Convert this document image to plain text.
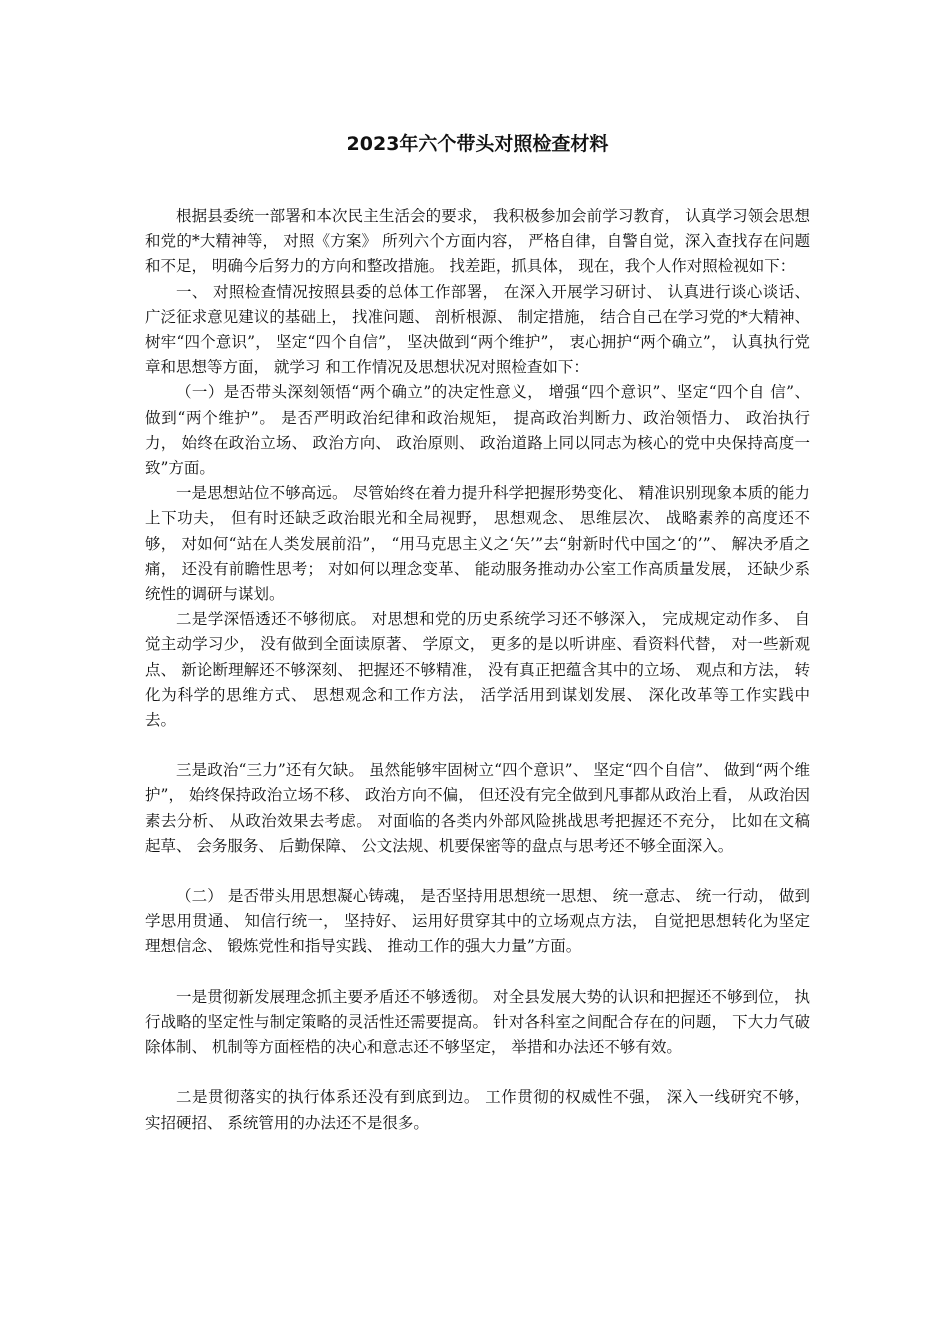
2023年六个带头对照检查材料

根据县委统一部署和本次民主生活会的要求， 我积极参加会前学习教育， 认真学习领会思想和党的*大精神等， 对照《方案》 所列六个方面内容， 严格自律，自警自觉，深入查找存在问题和不足， 明确今后努力的方向和整改措施。 找差距，抓具体， 现在，我个人作对照检视如下：

一、 对照检查情况按照县委的总体工作部署， 在深入开展学习研讨、 认真进行谈心谈话、 广泛征求意见建议的基础上， 找准问题、 剖析根源、 制定措施， 结合自己在学习党的*大精神、 树牢“四个意识”， 坚定“四个自信”， 坚决做到“两个维护”， 衷心拥护“两个确立”， 认真执行党章和思想等方面， 就学习 和工作情况及思想状况对照检查如下：

（一）是否带头深刻领悟“两个确立”的决定性意义， 增强“四个意识”、坚定“四个自 信”、 做到“两个维护”。 是否严明政治纪律和政治规矩， 提高政治判断力、政治领悟力、 政治执行力， 始终在政治立场、 政治方向、 政治原则、 政治道路上同以同志为核心的党中央保持高度一致”方面。

一是思想站位不够高远。 尽管始终在着力提升科学把握形势变化、 精准识别现象本质的能力上下功夫， 但有时还缺乏政治眼光和全局视野， 思想观念、 思维层次、 战略素养的高度还不够， 对如何“站在人类发展前沿”， “用马克思主义之‘矢’”去“射新时代中国之‘的’”、 解决矛盾之痛， 还没有前瞻性思考； 对如何以理念变革、 能动服务推动办公室工作高质量发展， 还缺少系统性的调研与谋划。

二是学深悟透还不够彻底。 对思想和党的历史系统学习还不够深入， 完成规定动作多、 自觉主动学习少， 没有做到全面读原著、 学原文， 更多的是以听讲座、看资料代替， 对一些新观点、 新论断理解还不够深刻、 把握还不够精准， 没有真正把蕴含其中的立场、 观点和方法， 转化为科学的思维方式、 思想观念和工作方法， 活学活用到谋划发展、 深化改革等工作实践中去。

三是政治“三力”还有欠缺。 虽然能够牢固树立“四个意识”、 坚定“四个自信”、 做到“两个维护”， 始终保持政治立场不移、 政治方向不偏， 但还没有完全做到凡事都从政治上看， 从政治因素去分析、 从政治效果去考虑。 对面临的各类内外部风险挑战思考把握还不充分， 比如在文稿起草、 会务服务、 后勤保障、 公文法规、机要保密等的盘点与思考还不够全面深入。

（二） 是否带头用思想凝心铸魂， 是否坚持用思想统一思想、 统一意志、 统一行动， 做到学思用贯通、 知信行统一， 坚持好、 运用好贯穿其中的立场观点方法， 自觉把思想转化为坚定理想信念、 锻炼党性和指导实践、 推动工作的强大力量”方面。

一是贯彻新发展理念抓主要矛盾还不够透彻。 对全县发展大势的认识和把握还不够到位， 执行战略的坚定性与制定策略的灵活性还需要提高。 针对各科室之间配合存在的问题， 下大力气破除体制、 机制等方面桎梏的决心和意志还不够坚定， 举措和办法还不够有效。

二是贯彻落实的执行体系还没有到底到边。 工作贯彻的权威性不强， 深入一线研究不够， 实招硬招、 系统管用的办法还不是很多。
